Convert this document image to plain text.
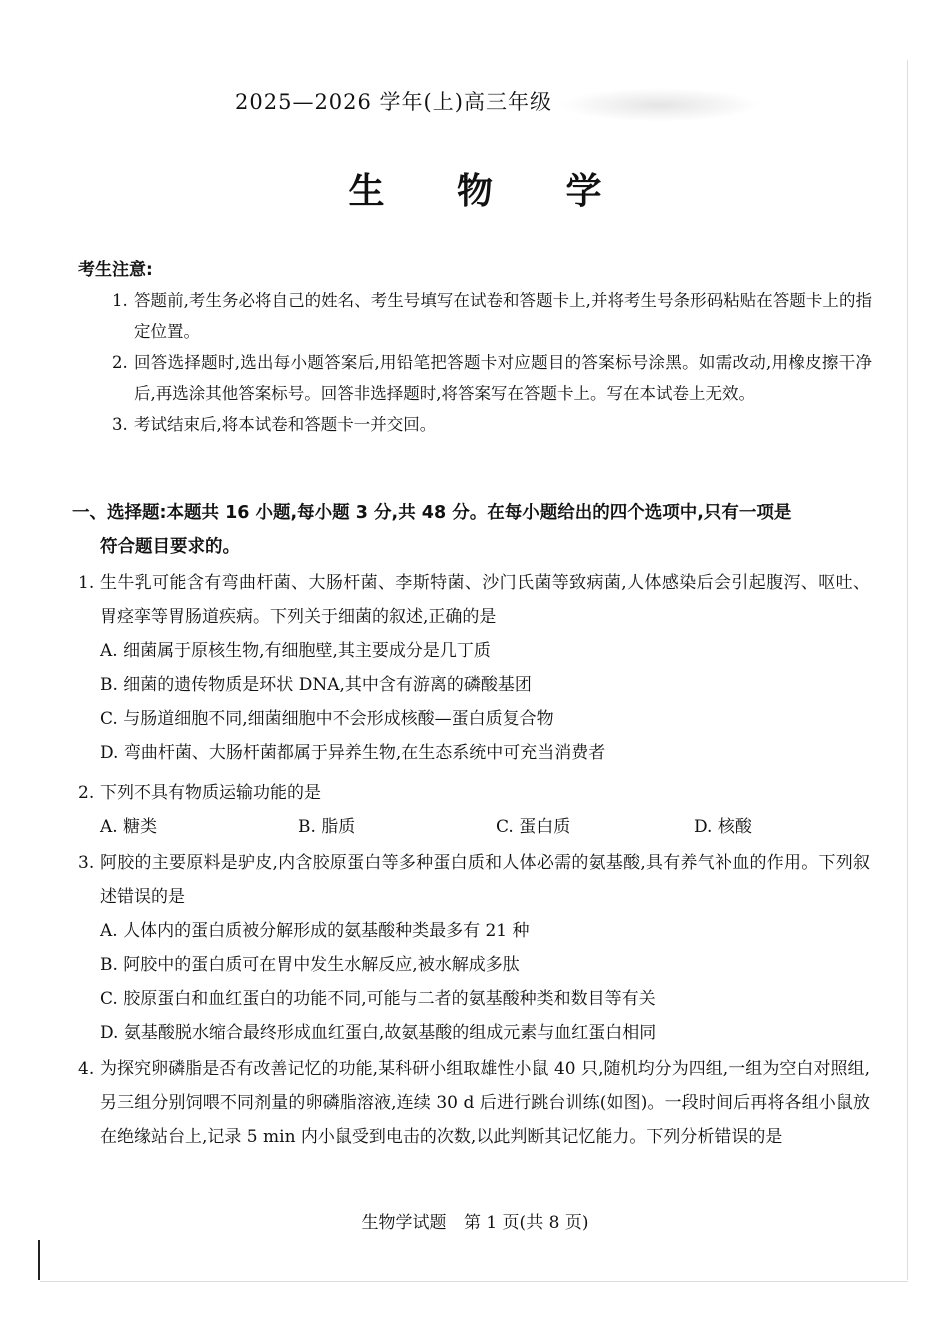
2025—2026 学年(上)高三年级
生 物 学
考生注意:
1. 答题前,考生务必将自己的姓名、考生号填写在试卷和答题卡上,并将考生号条形码粘贴在答题卡上的指定位置。
2. 回答选择题时,选出每小题答案后,用铅笔把答题卡对应题目的答案标号涂黑。如需改动,用橡皮擦干净后,再选涂其他答案标号。回答非选择题时,将答案写在答题卡上。写在本试卷上无效。
3. 考试结束后,将本试卷和答题卡一并交回。
一、选择题:本题共 16 小题,每小题 3 分,共 48 分。在每小题给出的四个选项中,只有一项是
符合题目要求的。
1. 生牛乳可能含有弯曲杆菌、大肠杆菌、李斯特菌、沙门氏菌等致病菌,人体感染后会引起腹泻、呕吐、胃痉挛等胃肠道疾病。下列关于细菌的叙述,正确的是
A. 细菌属于原核生物,有细胞壁,其主要成分是几丁质
B. 细菌的遗传物质是环状 DNA,其中含有游离的磷酸基团
C. 与肠道细胞不同,细菌细胞中不会形成核酸—蛋白质复合物
D. 弯曲杆菌、大肠杆菌都属于异养生物,在生态系统中可充当消费者
2. 下列不具有物质运输功能的是
A. 糖类	B. 脂质	C. 蛋白质	D. 核酸
3. 阿胶的主要原料是驴皮,内含胶原蛋白等多种蛋白质和人体必需的氨基酸,具有养气补血的作用。下列叙述错误的是
A. 人体内的蛋白质被分解形成的氨基酸种类最多有 21 种
B. 阿胶中的蛋白质可在胃中发生水解反应,被水解成多肽
C. 胶原蛋白和血红蛋白的功能不同,可能与二者的氨基酸种类和数目等有关
D. 氨基酸脱水缩合最终形成血红蛋白,故氨基酸的组成元素与血红蛋白相同
4. 为探究卵磷脂是否有改善记忆的功能,某科研小组取雄性小鼠 40 只,随机均分为四组,一组为空白对照组,另三组分别饲喂不同剂量的卵磷脂溶液,连续 30 d 后进行跳台训练(如图)。一段时间后再将各组小鼠放在绝缘站台上,记录 5 min 内小鼠受到电击的次数,以此判断其记忆能力。下列分析错误的是
生物学试题 第 1 页(共 8 页)
